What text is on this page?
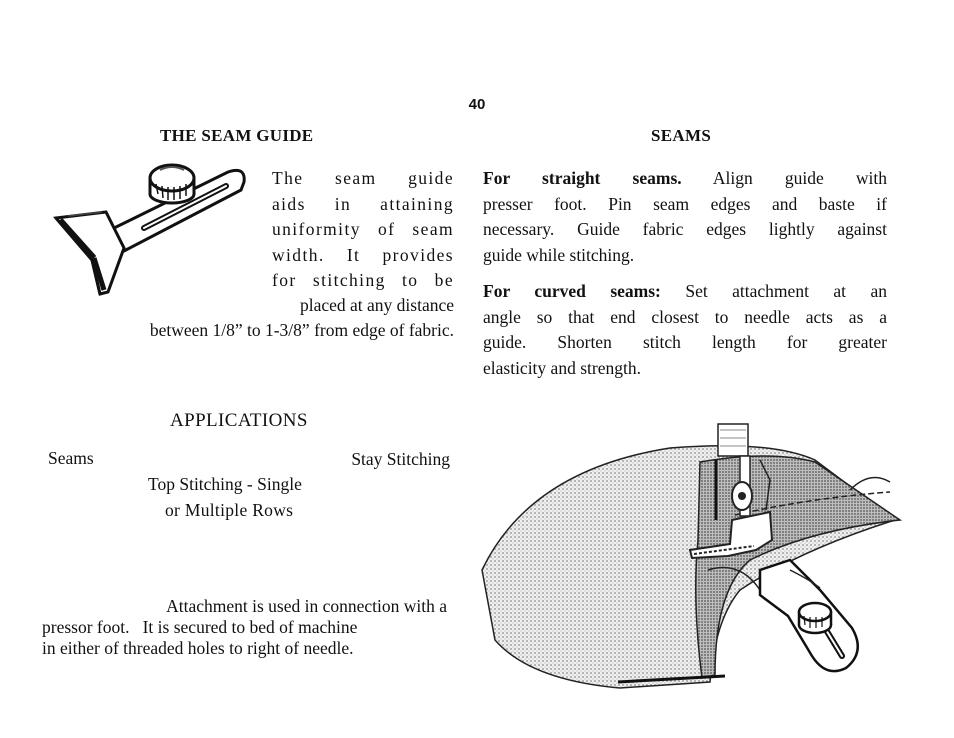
40
THE SEAM GUIDE
The seam guide
aids in attaining
uniformity of seam
width. It provides
for stitching to be
placed at any distance
between 1/8” to 1-3/8” from edge of fabric.
APPLICATIONS
Seams	Stay Stitching
Top Stitching - Single
or Multiple Rows
Attachment is used in connection with a
pressor foot.   It is secured to bed of machine
in either of threaded holes to right of needle.
SEAMS
For straight seams. Align guide with
presser foot. Pin seam edges and baste if
necessary. Guide fabric edges lightly against
guide while stitching.
For curved seams: Set attachment at an
angle so that end closest to needle acts as a
guide. Shorten stitch length for greater
elasticity and strength.
